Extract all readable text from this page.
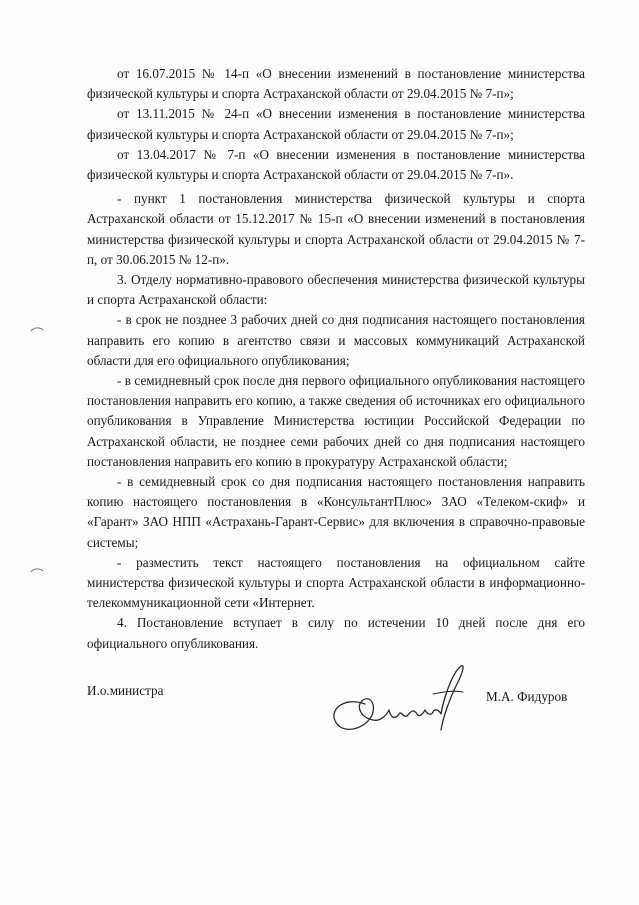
от 16.07.2015 № 14-п «О внесении изменений в постановление министерства физической культуры и спорта Астраханской области от 29.04.2015 № 7-п»;

от 13.11.2015 № 24-п «О внесении изменения в постановление министерства физической культуры и спорта Астраханской области от 29.04.2015 № 7-п»;

от 13.04.2017 № 7-п «О внесении изменения в постановление министерства физической культуры и спорта Астраханской области от 29.04.2015 № 7-п».

- пункт 1 постановления министерства физической культуры и спорта Астраханской области от 15.12.2017 № 15-п «О внесении изменений в постановления министерства физической культуры и спорта Астраханской области от 29.04.2015 № 7-п, от 30.06.2015 № 12-п».

3. Отделу нормативно-правового обеспечения министерства физической культуры и спорта Астраханской области:

- в срок не позднее 3 рабочих дней со дня подписания настоящего постановления направить его копию в агентство связи и массовых коммуникаций Астраханской области для его официального опубликования;

- в семидневный срок после дня первого официального опубликования настоящего постановления направить его копию, а также сведения об источниках его официального опубликования в Управление Министерства юстиции Российской Федерации по Астраханской области, не позднее семи рабочих дней со дня подписания настоящего постановления направить его копию в прокуратуру Астраханской области;

- в семидневный срок со дня подписания настоящего постановления направить копию настоящего постановления в «КонсультантПлюс» ЗАО «Телеком-скиф» и «Гарант» ЗАО НПП «Астрахань-Гарант-Сервис» для включения в справочно-правовые системы;

- разместить текст настоящего постановления на официальном сайте министерства физической культуры и спорта Астраханской области в информационно-телекоммуникационной сети «Интернет.

4. Постановление вступает в силу по истечении 10 дней после дня его официального опубликования.

И.о.министра	М.А. Фидуров
